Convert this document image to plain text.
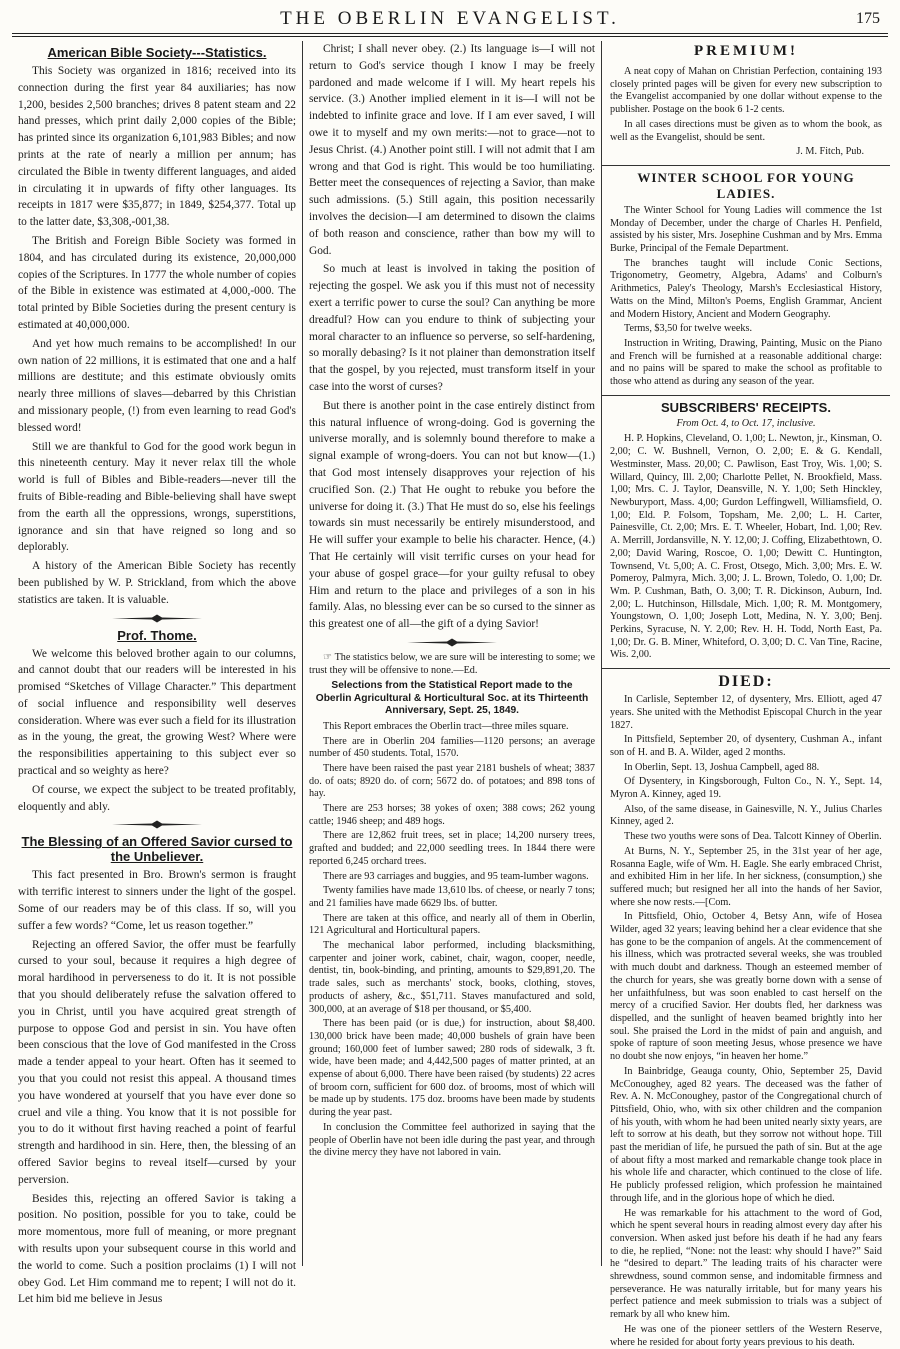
THE OBERLIN EVANGELIST.	175
American Bible Society---Statistics.

This Society was organized in 1816; received into its connection during the first year 84 auxiliaries; has now 1,200, besides 2,500 branches; drives 8 patent steam and 22 hand presses, which print daily 2,000 copies of the Bible; has printed since its organization 6,101,983 Bibles; and now prints at the rate of nearly a million per annum; has circulated the Bible in twenty different languages, and aided in circulating it in upwards of fifty other languages. Its receipts in 1817 were $35,877; in 1849, $254,377. Total up to the latter date, $3,308,-001,38.

The British and Foreign Bible Society was formed in 1804, and has circulated during its existence, 20,000,000 copies of the Scriptures. In 1777 the whole number of copies of the Bible in existence was estimated at 4,000,-000. The total printed by Bible Societies during the present century is estimated at 40,000,000.

And yet how much remains to be accomplished! In our own nation of 22 millions, it is estimated that one and a half millions are destitute; and this estimate obviously omits nearly three millions of slaves—debarred by this Christian and missionary people, (!) from even learning to read God's blessed word!

Still we are thankful to God for the good work begun in this nineteenth century. May it never relax till the whole world is full of Bibles and Bible-readers—never till the fruits of Bible-reading and Bible-believing shall have swept from the earth all the oppressions, wrongs, superstitions, ignorance and sin that have reigned so long and so deplorably.

A history of the American Bible Society has recently been published by W. P. Strickland, from which the above statistics are taken. It is valuable.

Prof. Thome.

We welcome this beloved brother again to our columns, and cannot doubt that our readers will be interested in his promised “Sketches of Village Character.” This department of social influence and responsibility well deserves consideration. Where was ever such a field for its illustration as in the young, the great, the growing West? Where were the responsibilities appertaining to this subject ever so practical and so weighty as here?

Of course, we expect the subject to be treated profitably, eloquently and ably.

The Blessing of an Offered Savior cursed to the Unbeliever.

This fact presented in Bro. Brown's sermon is fraught with terrific interest to sinners under the light of the gospel. Some of our readers may be of this class. If so, will you suffer a few words? “Come, let us reason together.”

Rejecting an offered Savior, the offer must be fearfully cursed to your soul, because it requires a high degree of moral hardihood in perverseness to do it. It is not possible that you should deliberately refuse the salvation offered to you in Christ, until you have acquired great strength of purpose to oppose God and persist in sin. You have often been conscious that the love of God manifested in the Cross made a tender appeal to your heart. Often has it seemed to you that you could not resist this appeal. A thousand times you have wondered at yourself that you have ever done so cruel and vile a thing. You know that it is not possible for you to do it without first having reached a point of fearful strength and hardihood in sin. Here, then, the blessing of an offered Savior begins to reveal itself—cursed by your perversion.

Besides this, rejecting an offered Savior is taking a position. No position, possible for you to take, could be more momentous, more full of meaning, or more pregnant with results upon your subsequent course in this world and the world to come. Such a position proclaims (1) I will not obey God. Let Him command me to repent; I will not do it. Let him bid me believe in Jesus

Christ; I shall never obey. (2.) Its language is—I will not return to God's service though I know I may be freely pardoned and made welcome if I will. My heart repels his service. (3.) Another implied element in it is—I will not be indebted to infinite grace and love. If I am ever saved, I will owe it to myself and my own merits:—not to grace—not to Jesus Christ. (4.) Another point still. I will not admit that I am wrong and that God is right. This would be too humiliating. Better meet the consequences of rejecting a Savior, than make such admissions. (5.) Still again, this position necessarily involves the decision—I am determined to disown the claims of both reason and conscience, rather than bow my will to God.

So much at least is involved in taking the position of rejecting the gospel. We ask you if this must not of necessity exert a terrific power to curse the soul? Can anything be more dreadful? How can you endure to think of subjecting your moral character to an influence so perverse, so self-hardening, so morally debasing? Is it not plainer than demonstration itself that the gospel, by you rejected, must transform itself in your case into the worst of curses?

But there is another point in the case entirely distinct from this natural influence of wrong-doing. God is governing the universe morally, and is solemnly bound therefore to make a signal example of wrong-doers. You can not but know—(1.) that God most intensely disapproves your rejection of his crucified Son. (2.) That He ought to rebuke you before the universe for doing it. (3.) That He must do so, else his feelings towards sin must necessarily be entirely misunderstood, and He will suffer your example to belie his character. Hence, (4.) That He certainly will visit terrific curses on your head for your abuse of gospel grace—for your guilty refusal to obey Him and return to the place and privileges of a son in his family. Alas, no blessing ever can be so cursed to the sinner as this greatest one of all—the gift of a dying Savior!

☞ The statistics below, we are sure will be interesting to some; we trust they will be offensive to none.—Ed.

Selections from the Statistical Report made to the Oberlin Agricultural & Horticultural Soc. at its Thirteenth Anniversary, Sept. 25, 1849.

This Report embraces the Oberlin tract—three miles square.

There are in Oberlin 204 families—1120 persons; an average number of 450 students. Total, 1570.

There have been raised the past year 2181 bushels of wheat; 3837 do. of oats; 8920 do. of corn; 5672 do. of potatoes; and 898 tons of hay.

There are 253 horses; 38 yokes of oxen; 388 cows; 262 young cattle; 1946 sheep; and 489 hogs.

There are 12,862 fruit trees, set in place; 14,200 nursery trees, grafted and budded; and 22,000 seedling trees. In 1844 there were reported 6,245 orchard trees.

There are 93 carriages and buggies, and 95 team-lumber wagons.

Twenty families have made 13,610 lbs. of cheese, or nearly 7 tons; and 21 families have made 6629 lbs. of butter.

There are taken at this office, and nearly all of them in Oberlin, 121 Agricultural and Horticultural papers.

The mechanical labor performed, including blacksmithing, carpenter and joiner work, cabinet, chair, wagon, cooper, needle, dentist, tin, book-binding, and printing, amounts to $29,891,20. The trade sales, such as merchants' stock, books, clothing, stoves, products of ashery, &c., $51,711. Staves manufactured and sold, 300,000, at an average of $18 per thousand, or $5,400.

There has been paid (or is due,) for instruction, about $8,400. 130,000 brick have been made; 40,000 bushels of grain have been ground; 160,000 feet of lumber sawed; 280 rods of sidewalk, 3 ft. wide, have been made; and 4,442,500 pages of matter printed, at an expense of about 6,000. There have been raised (by students) 22 acres of broom corn, sufficient for 600 doz. of brooms, most of which will be made up by students. 175 doz. brooms have been made by students during the year past.

In conclusion the Committee feel authorized in saying that the people of Oberlin have not been idle during the past year, and through the divine mercy they have not labored in vain.

PREMIUM!

A neat copy of Mahan on Christian Perfection, containing 193 closely printed pages will be given for every new subscription to the Evangelist accompanied by one dollar without expense to the publisher. Postage on the book 6 1-2 cents.

In all cases directions must be given as to whom the book, as well as the Evangelist, should be sent.

J. M. Fitch, Pub.

WINTER SCHOOL FOR YOUNG LADIES.

The Winter School for Young Ladies will commence the 1st Monday of December, under the charge of Charles H. Penfield, assisted by his sister, Mrs. Josephine Cushman and by Mrs. Emma Burke, Principal of the Female Department.

The branches taught will include Conic Sections, Trigonometry, Geometry, Algebra, Adams' and Colburn's Arithmetics, Paley's Theology, Marsh's Ecclesiastical History, Watts on the Mind, Milton's Poems, English Grammar, Ancient and Modern History, Ancient and Modern Geography.

Terms, $3,50 for twelve weeks.

Instruction in Writing, Drawing, Painting, Music on the Piano and French will be furnished at a reasonable additional charge: and no pains will be spared to make the school as profitable to those who attend as during any season of the year.

SUBSCRIBERS' RECEIPTS.

From Oct. 4, to Oct. 17, inclusive.

H. P. Hopkins, Cleveland, O. 1,00; L. Newton, jr., Kinsman, O. 2,00; C. W. Bushnell, Vernon, O. 2,00; E. & G. Kendall, Westminster, Mass. 20,00; C. Pawlison, East Troy, Wis. 1,00; S. Willard, Quincy, Ill. 2,00; Charlotte Pellet, N. Brookfield, Mass. 1,00; Mrs. C. J. Taylor, Deansville, N. Y. 1,00; Seth Hinckley, Newburyport, Mass. 4,00; Gurdon Leffingwell, Williamsfield, O. 1,00; Eld. P. Folsom, Topsham, Me. 2,00; L. H. Carter, Painesville, Ct. 2,00; Mrs. E. T. Wheeler, Hobart, Ind. 1,00; Rev. A. Merrill, Jordansville, N. Y. 12,00; J. Coffing, Elizabethtown, O. 2,00; David Waring, Roscoe, O. 1,00; Dewitt C. Huntington, Townsend, Vt. 5,00; A. C. Frost, Otsego, Mich. 3,00; Mrs. E. W. Pomeroy, Palmyra, Mich. 3,00; J. L. Brown, Toledo, O. 1,00; Dr. Wm. P. Cushman, Bath, O. 3,00; T. R. Dickinson, Auburn, Ind. 2,00; L. Hutchinson, Hillsdale, Mich. 1,00; R. M. Montgomery, Youngstown, O. 1,00; Joseph Lott, Medina, N. Y. 3,00; Benj. Perkins, Syracuse, N. Y. 2,00; Rev. H. H. Todd, North East, Pa. 1,00; Dr. G. B. Miner, Whiteford, O. 3,00; D. C. Van Tine, Racine, Wis. 2,00.

DIED:

In Carlisle, September 12, of dysentery, Mrs. Elliott, aged 47 years. She united with the Methodist Episcopal Church in the year 1827.

In Pittsfield, September 20, of dysentery, Cushman A., infant son of H. and B. A. Wilder, aged 2 months.

In Oberlin, Sept. 13, Joshua Campbell, aged 88.

Of Dysentery, in Kingsborough, Fulton Co., N. Y., Sept. 14, Myron A. Kinney, aged 19.

Also, of the same disease, in Gainesville, N. Y., Julius Charles Kinney, aged 2.

These two youths were sons of Dea. Talcott Kinney of Oberlin.

At Burns, N. Y., September 25, in the 31st year of her age, Rosanna Eagle, wife of Wm. H. Eagle. She early embraced Christ, and exhibited Him in her life. In her sickness, (consumption,) she suffered much; but resigned her all into the hands of her Savior, where she now rests.—[Com.

In Pittsfield, Ohio, October 4, Betsy Ann, wife of Hosea Wilder, aged 32 years; leaving behind her a clear evidence that she has gone to be the companion of angels. At the commencement of his illness, which was protracted several weeks, she was troubled with much doubt and darkness. Though an esteemed member of the church for years, she was greatly borne down with a sense of her unfaithfulness, but was soon enabled to cast herself on the mercy of a crucified Savior. Her doubts fled, her darkness was dispelled, and the sunlight of heaven beamed brightly into her soul. She praised the Lord in the midst of pain and anguish, and spoke of rapture of soon meeting Jesus, whose presence we have no doubt she now enjoys, “in heaven her home.”

In Bainbridge, Geauga county, Ohio, September 25, David McConoughey, aged 82 years. The deceased was the father of Rev. A. N. McConoughey, pastor of the Congregational church of Pittsfield, Ohio, who, with six other children and the companion of his youth, with whom he had been united nearly sixty years, are left to sorrow at his death, but they sorrow not without hope. Till past the meridian of life, he pursued the path of sin. But at the age of about fifty a most marked and remarkable change took place in his whole life and character, which continued to the close of life. He publicly professed religion, which profession he maintained through life, and in the glorious hope of which he died.

He was remarkable for his attachment to the word of God, which he spent several hours in reading almost every day after his conversion. When asked just before his death if he had any fears to die, he replied, “None: not the least: why should I have?” Said he “desired to depart.” The leading traits of his character were shrewdness, sound common sense, and indomitable firmness and perseverance. He was naturally irritable, but for many years his perfect patience and meek submission to trials was a subject of remark by all who knew him.

He was one of the pioneer settlers of the Western Reserve, where he resided for about forty years previous to his death.
